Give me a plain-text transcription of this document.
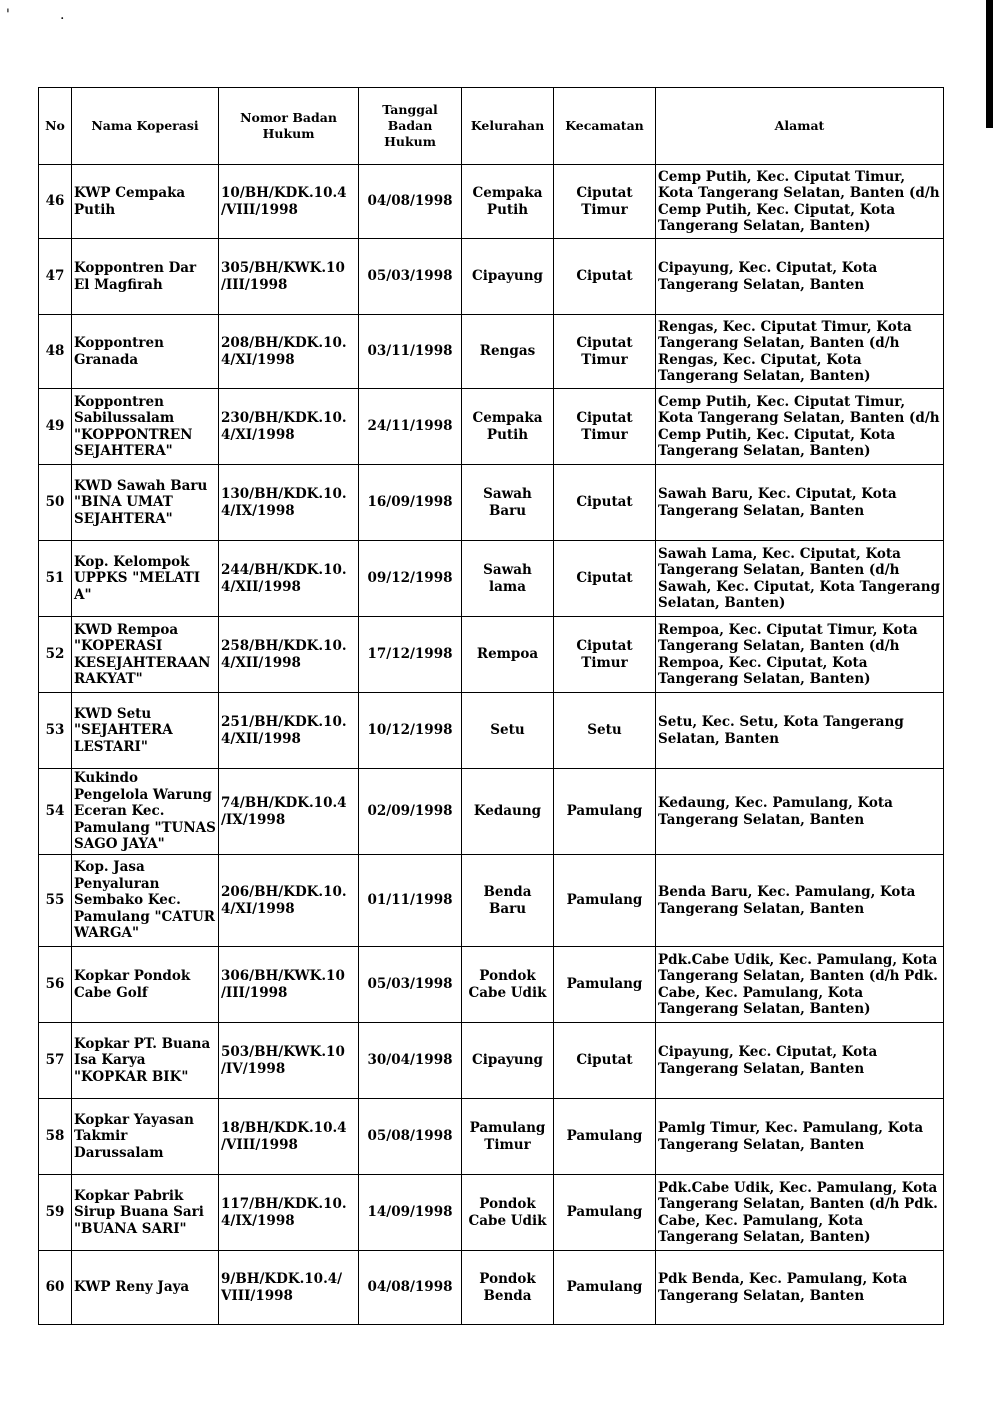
'	.
No	Nama Koperasi	Nomor Badan Hukum	Tanggal Badan Hukum	Kelurahan	Kecamatan	Alamat
46	KWP Cempaka Putih	10/BH/KDK.10.4
/VIII/1998	04/08/1998	Cempaka
Putih	Ciputat
Timur	Cemp Putih, Kec. Ciputat Timur, Kota Tangerang Selatan, Banten (d/h Cemp Putih, Kec. Ciputat, Kota Tangerang Selatan, Banten)
47	Koppontren Dar El Magfirah	305/BH/KWK.10
/III/1998	05/03/1998	Cipayung	Ciputat	Cipayung, Kec. Ciputat, Kota Tangerang Selatan, Banten
48	Koppontren Granada	208/BH/KDK.10.
4/XI/1998	03/11/1998	Rengas	Ciputat
Timur	Rengas, Kec. Ciputat Timur, Kota Tangerang Selatan, Banten (d/h Rengas, Kec. Ciputat, Kota Tangerang Selatan, Banten)
49	Koppontren Sabilussalam "KOPPONTREN SEJAHTERA"	230/BH/KDK.10.
4/XI/1998	24/11/1998	Cempaka
Putih	Ciputat
Timur	Cemp Putih, Kec. Ciputat Timur, Kota Tangerang Selatan, Banten (d/h Cemp Putih, Kec. Ciputat, Kota Tangerang Selatan, Banten)
50	KWD Sawah Baru "BINA UMAT SEJAHTERA"	130/BH/KDK.10.
4/IX/1998	16/09/1998	Sawah
Baru	Ciputat	Sawah Baru, Kec. Ciputat, Kota Tangerang Selatan, Banten
51	Kop. Kelompok UPPKS "MELATI A"	244/BH/KDK.10.
4/XII/1998	09/12/1998	Sawah
lama	Ciputat	Sawah Lama, Kec. Ciputat, Kota Tangerang Selatan, Banten (d/h Sawah, Kec. Ciputat, Kota Tangerang Selatan, Banten)
52	KWD Rempoa "KOPERASI KESEJAHTERAAN RAKYAT"	258/BH/KDK.10.
4/XII/1998	17/12/1998	Rempoa	Ciputat
Timur	Rempoa, Kec. Ciputat Timur, Kota Tangerang Selatan, Banten (d/h Rempoa, Kec. Ciputat, Kota Tangerang Selatan, Banten)
53	KWD Setu "SEJAHTERA LESTARI"	251/BH/KDK.10.
4/XII/1998	10/12/1998	Setu	Setu	Setu, Kec. Setu, Kota Tangerang Selatan, Banten
54	Kukindo Pengelola Warung Eceran Kec. Pamulang "TUNAS SAGO JAYA"	74/BH/KDK.10.4
/IX/1998	02/09/1998	Kedaung	Pamulang	Kedaung, Kec. Pamulang, Kota Tangerang Selatan, Banten
55	Kop. Jasa Penyaluran Sembako Kec. Pamulang "CATUR WARGA"	206/BH/KDK.10.
4/XI/1998	01/11/1998	Benda Baru	Pamulang	Benda Baru, Kec. Pamulang, Kota Tangerang Selatan, Banten
56	Kopkar Pondok Cabe Golf	306/BH/KWK.10
/III/1998	05/03/1998	Pondok
Cabe Udik	Pamulang	Pdk.Cabe Udik, Kec. Pamulang, Kota Tangerang Selatan, Banten (d/h Pdk. Cabe, Kec. Pamulang, Kota Tangerang Selatan, Banten)
57	Kopkar PT. Buana Isa Karya "KOPKAR BIK"	503/BH/KWK.10
/IV/1998	30/04/1998	Cipayung	Ciputat	Cipayung, Kec. Ciputat, Kota Tangerang Selatan, Banten
58	Kopkar Yayasan Takmir Darussalam	18/BH/KDK.10.4
/VIII/1998	05/08/1998	Pamulang
Timur	Pamulang	Pamlg Timur, Kec. Pamulang, Kota Tangerang Selatan, Banten
59	Kopkar Pabrik Sirup Buana Sari "BUANA SARI"	117/BH/KDK.10.
4/IX/1998	14/09/1998	Pondok
Cabe Udik	Pamulang	Pdk.Cabe Udik, Kec. Pamulang, Kota Tangerang Selatan, Banten (d/h Pdk. Cabe, Kec. Pamulang, Kota Tangerang Selatan, Banten)
60	KWP Reny Jaya	9/BH/KDK.10.4/
VIII/1998	04/08/1998	Pondok
Benda	Pamulang	Pdk Benda, Kec. Pamulang, Kota Tangerang Selatan, Banten
